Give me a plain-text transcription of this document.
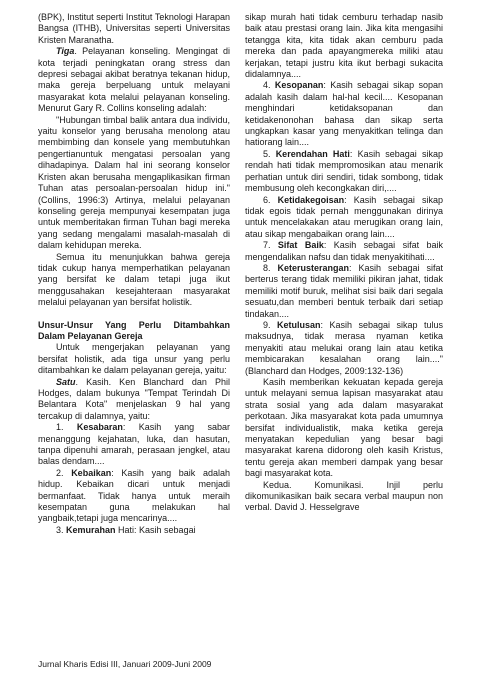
(BPK), Institut seperti Institut Teknologi Harapan Bangsa (ITHB), Universitas seperti Universitas Kristen Maranatha.

Tiga. Pelayanan konseling. Mengingat di kota terjadi peningkatan orang stress dan depresi sebagai akibat beratnya tekanan hidup, maka gereja berpeluang untuk melayani masyarakat kota melalui pelayanan konseling. Menurut Gary R. Collins konseling adalah:

"Hubungan timbal balik antara dua individu, yaitu konselor yang berusaha menolong atau membimbing dan konsele yang membutuhkan pengertianuntuk mengatasi persoalan yang dihadapinya. Dalam hal ini seorang konselor Kristen akan berusaha mengaplikasikan firman Tuhan atas persoalan-persoalan hidup ini." (Collins, 1996:3) Artinya, melalui pelayanan konseling gereja mempunyai kesempatan juga untuk memberitakan firman Tuhan bagi mereka yang sedang mengalami masalah-masalah di dalam kehidupan mereka.

Semua itu menunjukkan bahwa gereja tidak cukup hanya memperhatikan pelayanan yang bersifat ke dalam tetapi juga ikut menggusahakan kesejahteraan masyarakat melalui pelayanan yan bersifat holistik.

Unsur-Unsur Yang Perlu Ditambahkan Dalam Pelayanan Gereja

Untuk mengerjakan pelayanan yang bersifat holistik, ada tiga unsur yang perlu ditambahkan ke dalam pelayanan gereja, yaitu:

Satu. Kasih. Ken Blanchard dan Phil Hodges, dalam bukunya "Tempat Terindah Di Belantara Kota" menjelaskan 9 hal yang tercakup di dalamnya, yaitu:

1. Kesabaran: Kasih yang sabar menanggung kejahatan, luka, dan hasutan, tanpa dipenuhi amarah, perasaan jengkel, atau balas dendam....

2. Kebaikan: Kasih yang baik adalah hidup. Kebaikan dicari untuk menjadi bermanfaat. Tidak hanya untuk meraih kesempatan guna melakukan hal yangbaik,tetapi juga mencarinya....

3. Kemurahan Hati: Kasih sebagai

sikap murah hati tidak cemburu terhadap nasib baik atau prestasi orang lain. Jika kita mengasihi tetangga kita, kita tidak akan cemburu pada mereka dan pada apayangmereka miliki atau kerjakan, tetapi justru kita ikut berbagi sukacita didalamnya....

4. Kesopanan: Kasih sebagai sikap sopan adalah kasih dalam hal-hal kecil.... Kesopanan menghindari ketidaksopanan dan ketidakenonohan bahasa dan sikap serta ungkapkan kasar yang menyakitkan telinga dan hatiorang lain....

5. Kerendahan Hati: Kasih sebagai sikap rendah hati tidak mempromosikan atau menarik perhatian untuk diri sendiri, tidak sombong, tidak membusung oleh kecongkakan diri,....

6. Ketidakegoisan: Kasih sebagai sikap tidak egois tidak pernah menggunakan dirinya untuk mencelakakan atau merugikan orang lain, atau sikap mengabaikan orang lain....

7. Sifat Baik: Kasih sebagai sifat baik mengendalikan nafsu dan tidak menyakitihati....

8. Keterusterangan: Kasih sebagai sifat berterus terang tidak memiliki pikiran jahat, tidak memiliki motif buruk, melihat sisi baik dari segala sesuatu,dan memberi bentuk terbaik dari setiap tindakan....

9. Ketulusan: Kasih sebagai sikap tulus maksudnya, tidak merasa nyaman ketika menyakiti atau melukai orang lain atau ketika membicarakan kesalahan orang lain...." (Blanchard dan Hodges, 2009:132-136)

Kasih memberikan kekuatan kepada gereja untuk melayani semua lapisan masyarakat atau strata sosial yang ada dalam masyarakat perkotaan. Jika masyarakat kota pada umumnya bersifat individualistik, maka ketika gereja menyatakan kepedulian yang besar bagi masyarakat karena didorong oleh kasih Kristus, tentu gereja akan memberi dampak yang besar bagi masyarakat kota.

Kedua. Komunikasi. Injil perlu dikomunikasikan baik secara verbal maupun non verbal. David J. Hesselgrave

Jurnal Kharis Edisi III, Januari 2009-Juni 2009
